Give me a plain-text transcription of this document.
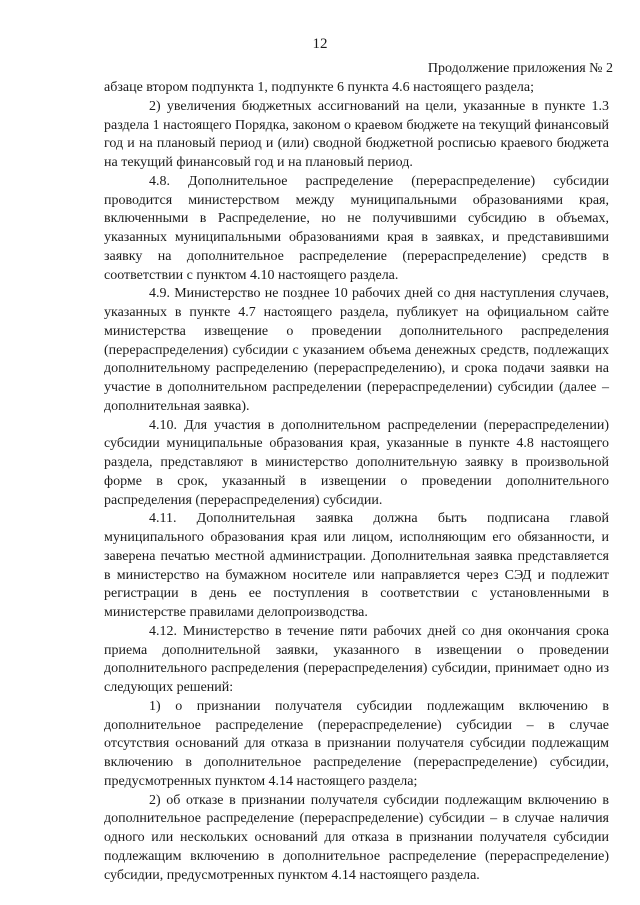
12
Продолжение приложения № 2

абзаце втором подпункта 1, подпункте 6 пункта 4.6 настоящего раздела;

2) увеличения бюджетных ассигнований на цели, указанные в пункте 1.3 раздела 1 настоящего Порядка, законом о краевом бюджете на текущий финансовый год и на плановый период и (или) сводной бюджетной росписью краевого бюджета на текущий финансовый год и на плановый период.

4.8. Дополнительное распределение (перераспределение) субсидии проводится министерством между муниципальными образованиями края, включенными в Распределение, но не получившими субсидию в объемах, указанных муниципальными образованиями края в заявках, и представившими заявку на дополнительное распределение (перераспределение) средств в соответствии с пунктом 4.10 настоящего раздела.

4.9. Министерство не позднее 10 рабочих дней со дня наступления случаев, указанных в пункте 4.7 настоящего раздела, публикует на официальном сайте министерства извещение о проведении дополнительного распределения (перераспределения) субсидии с указанием объема денежных средств, подлежащих дополнительному распределению (перераспределению), и срока подачи заявки на участие в дополнительном распределении (перераспределении) субсидии (далее – дополнительная заявка).

4.10. Для участия в дополнительном распределении (перераспределении) субсидии муниципальные образования края, указанные в пункте 4.8 настоящего раздела, представляют в министерство дополнительную заявку в произвольной форме в срок, указанный в извещении о проведении дополнительного распределения (перераспределения) субсидии.

4.11. Дополнительная заявка должна быть подписана главой муниципального образования края или лицом, исполняющим его обязанности, и заверена печатью местной администрации. Дополнительная заявка представляется в министерство на бумажном носителе или направляется через СЭД и подлежит регистрации в день ее поступления в соответствии с установленными в министерстве правилами делопроизводства.

4.12. Министерство в течение пяти рабочих дней со дня окончания срока приема дополнительной заявки, указанного в извещении о проведении дополнительного распределения (перераспределения) субсидии, принимает одно из следующих решений:

1) о признании получателя субсидии подлежащим включению в дополнительное распределение (перераспределение) субсидии – в случае отсутствия оснований для отказа в признании получателя субсидии подлежащим включению в дополнительное распределение (перераспределение) субсидии, предусмотренных пунктом 4.14 настоящего раздела;

2) об отказе в признании получателя субсидии подлежащим включению в дополнительное распределение (перераспределение) субсидии – в случае наличия одного или нескольких оснований для отказа в признании получателя субсидии подлежащим включению в дополнительное распределение (перераспределение) субсидии, предусмотренных пунктом 4.14 настоящего раздела.
